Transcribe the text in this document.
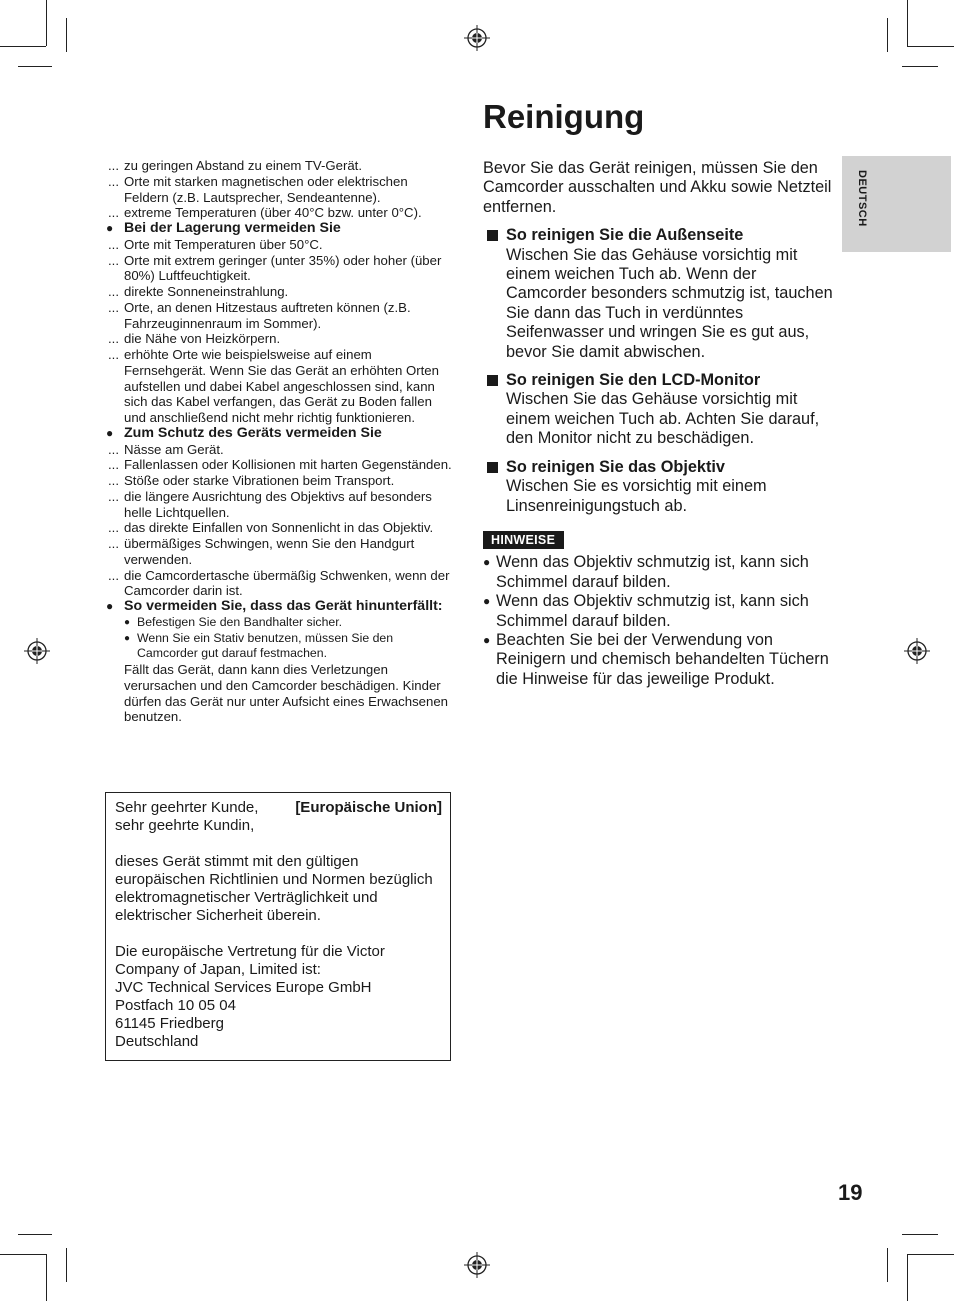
Reinigung
DEUTSCH
... zu geringen Abstand zu einem TV-Gerät.
... Orte mit starken magnetischen oder elektrischen Feldern (z.B. Lautsprecher, Sendeantenne).
... extreme Temperaturen (über 40°C bzw. unter 0°C).
● Bei der Lagerung vermeiden Sie
... Orte mit Temperaturen über 50°C.
... Orte mit extrem geringer (unter 35%) oder hoher (über 80%) Luftfeuchtigkeit.
... direkte Sonneneinstrahlung.
... Orte, an denen Hitzestaus auftreten können (z.B. Fahrzeuginnenraum im Sommer).
... die Nähe von Heizkörpern.
... erhöhte Orte wie beispielsweise auf einem Fernsehgerät. Wenn Sie das Gerät an erhöhten Orten aufstellen und dabei Kabel angeschlossen sind, kann sich das Kabel verfangen, das Gerät zu Boden fallen und anschließend nicht mehr richtig funktionieren.
● Zum Schutz des Geräts vermeiden Sie
... Nässe am Gerät.
... Fallenlassen oder Kollisionen mit harten Gegenständen.
... Stöße oder starke Vibrationen beim Transport.
... die längere Ausrichtung des Objektivs auf besonders helle Lichtquellen.
... das direkte Einfallen von Sonnenlicht in das Objektiv.
... übermäßiges Schwingen, wenn Sie den Handgurt verwenden.
... die Camcordertasche übermäßig Schwenken, wenn der Camcorder darin ist.
● So vermeiden Sie, dass das Gerät hinunterfällt:
● Befestigen Sie den Bandhalter sicher.
● Wenn Sie ein Stativ benutzen, müssen Sie den Camcorder gut darauf festmachen.
Fällt das Gerät, dann kann dies Verletzungen verursachen und den Camcorder beschädigen. Kinder dürfen das Gerät nur unter Aufsicht eines Erwachsenen benutzen.
[Europäische Union]
Sehr geehrter Kunde,
sehr geehrte Kundin,
dieses Gerät stimmt mit den gültigen europäischen Richtlinien und Normen bezüglich elektromagnetischer Verträglichkeit und elektrischer Sicherheit überein.
Die europäische Vertretung für die Victor Company of Japan, Limited ist:
JVC Technical Services Europe GmbH
Postfach 10 05 04
61145 Friedberg
Deutschland
Bevor Sie das Gerät reinigen, müssen Sie den Camcorder ausschalten und Akku sowie Netzteil entfernen.
So reinigen Sie die Außenseite
Wischen Sie das Gehäuse vorsichtig mit einem weichen Tuch ab. Wenn der Camcorder besonders schmutzig ist, tauchen Sie dann das Tuch in verdünntes Seifenwasser und wringen Sie es gut aus, bevor Sie damit abwischen.
So reinigen Sie den LCD-Monitor
Wischen Sie das Gehäuse vorsichtig mit einem weichen Tuch ab. Achten Sie darauf, den Monitor nicht zu beschädigen.
So reinigen Sie das Objektiv
Wischen Sie es vorsichtig mit einem Linsenreinigungstuch ab.
HINWEISE
● Wenn das Objektiv schmutzig ist, kann sich Schimmel darauf bilden.
● Wenn das Objektiv schmutzig ist, kann sich Schimmel darauf bilden.
● Beachten Sie bei der Verwendung von Reinigern und chemisch behandelten Tüchern die Hinweise für das jeweilige Produkt.
19
